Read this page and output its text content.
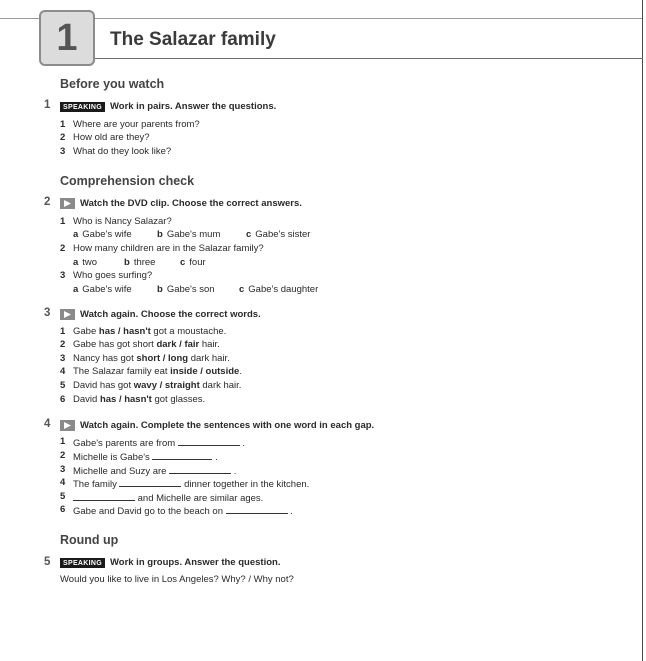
1	The Salazar family
Before you watch
1	SPEAKING Work in pairs. Answer the questions.
1 Where are your parents from?
2 How old are they?
3 What do they look like?
Comprehension check
2	Watch the DVD clip. Choose the correct answers.
1 Who is Nancy Salazar?
a Gabe's wife	b Gabe's mum	c Gabe's sister
2 How many children are in the Salazar family?
a two	b three	c four
3 Who goes surfing?
a Gabe's wife	b Gabe's son	c Gabe's daughter
3	Watch again. Choose the correct words.
1 Gabe has / hasn't got a moustache.
2 Gabe has got short dark / fair hair.
3 Nancy has got short / long dark hair.
4 The Salazar family eat inside / outside.
5 David has got wavy / straight dark hair.
6 David has / hasn't got glasses.
4	Watch again. Complete the sentences with one word in each gap.
1 Gabe's parents are from	.
2 Michelle is Gabe's	.
3 Michelle and Suzy are	.
4 The family	dinner together in the kitchen.
5	and Michelle are similar ages.
6 Gabe and David go to the beach on	.
Round up
5	SPEAKING Work in groups. Answer the question.
Would you like to live in Los Angeles? Why? / Why not?
